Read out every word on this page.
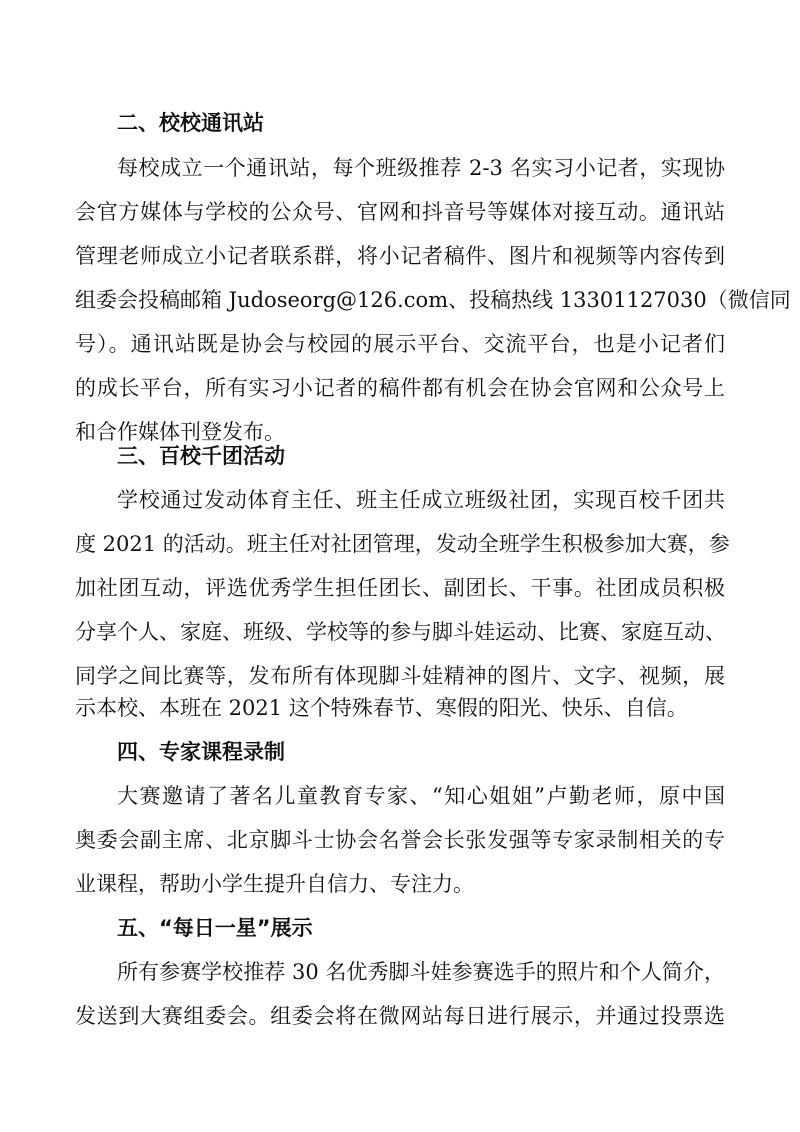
二、校校通讯站
每校成立一个通讯站，每个班级推荐 2-3 名实习小记者，实现协
会官方媒体与学校的公众号、官网和抖音号等媒体对接互动。通讯站
管理老师成立小记者联系群，将小记者稿件、图片和视频等内容传到
组委会投稿邮箱 Judoseorg@126.com、投稿热线 13301127030（微信同
号）。通讯站既是协会与校园的展示平台、交流平台，也是小记者们
的成长平台，所有实习小记者的稿件都有机会在协会官网和公众号上
和合作媒体刊登发布。
三、百校千团活动
学校通过发动体育主任、班主任成立班级社团，实现百校千团共
度 2021 的活动。班主任对社团管理，发动全班学生积极参加大赛，参
加社团互动，评选优秀学生担任团长、副团长、干事。社团成员积极
分享个人、家庭、班级、学校等的参与脚斗娃运动、比赛、家庭互动、
同学之间比赛等，发布所有体现脚斗娃精神的图片、文字、视频，展
示本校、本班在 2021 这个特殊春节、寒假的阳光、快乐、自信。
四、专家课程录制
大赛邀请了著名儿童教育专家、“知心姐姐”卢勤老师，原中国
奥委会副主席、北京脚斗士协会名誉会长张发强等专家录制相关的专
业课程，帮助小学生提升自信力、专注力。
五、“每日一星”展示
所有参赛学校推荐 30 名优秀脚斗娃参赛选手的照片和个人简介，
发送到大赛组委会。组委会将在微网站每日进行展示，并通过投票选
